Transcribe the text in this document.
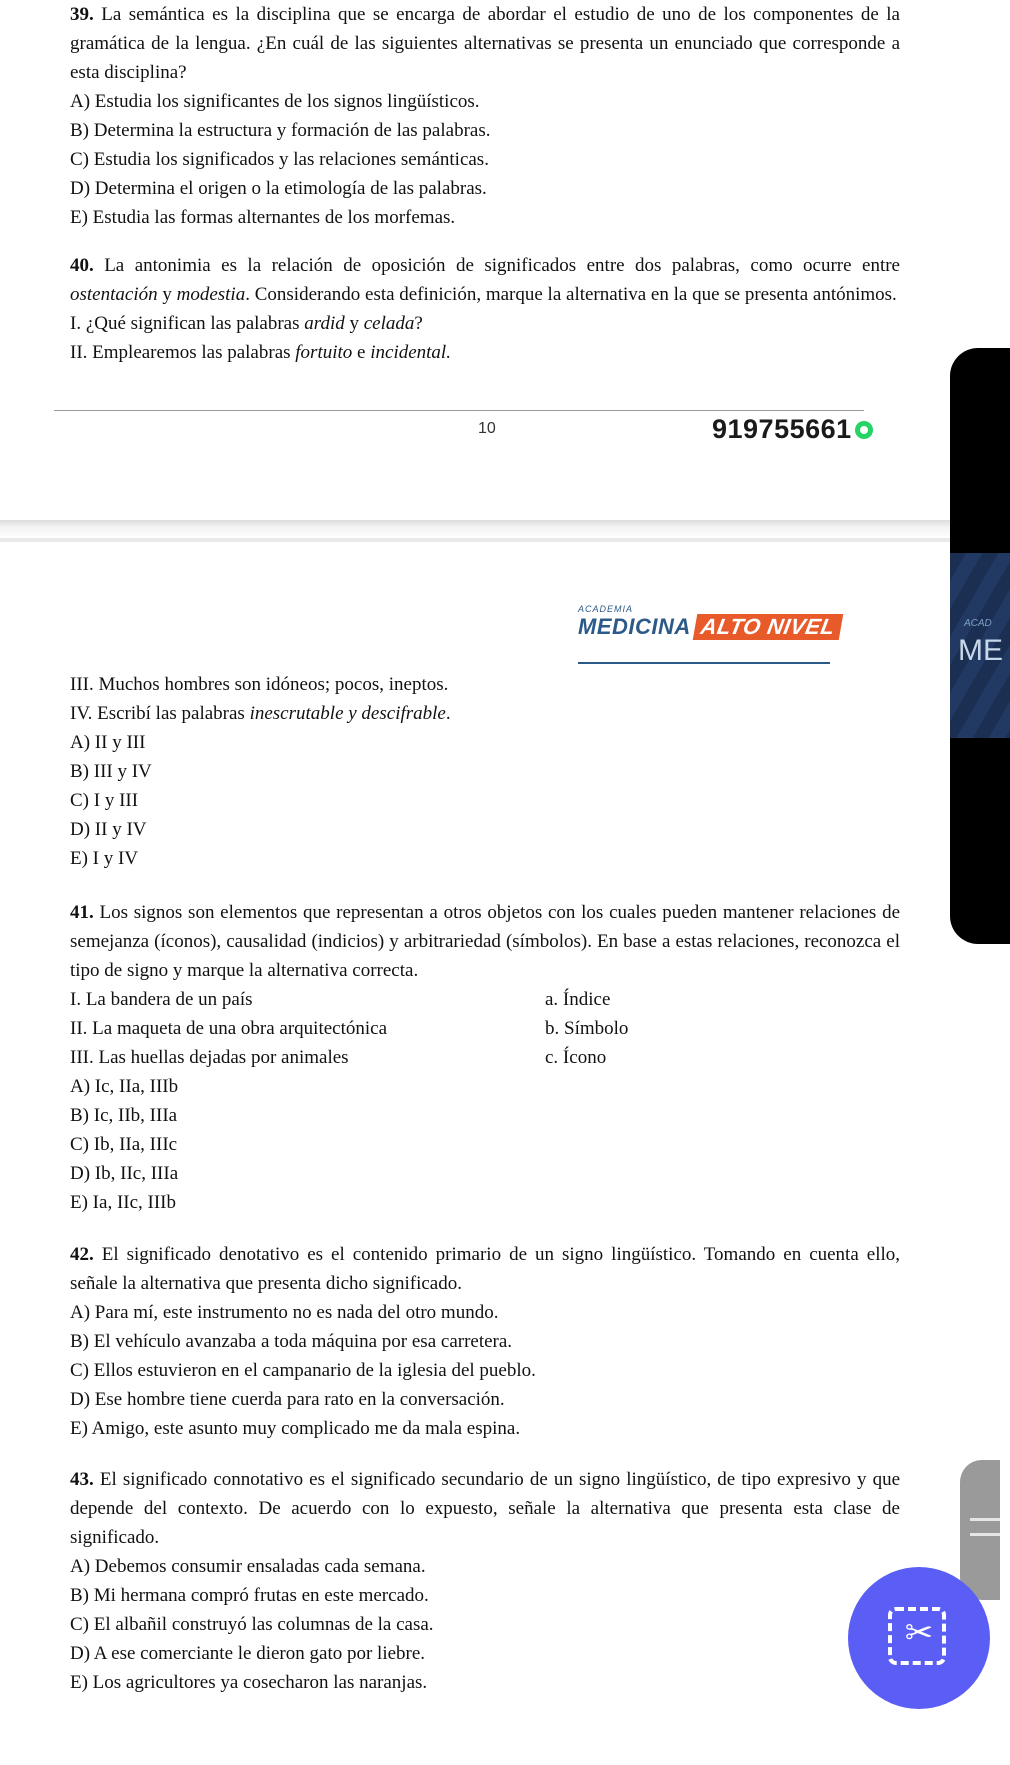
39. La semántica es la disciplina que se encarga de abordar el estudio de uno de los componentes de la gramática de la lengua. ¿En cuál de las siguientes alternativas se presenta un enunciado que corresponde a esta disciplina?

A) Estudia los significantes de los signos lingüísticos.
B) Determina la estructura y formación de las palabras.
C) Estudia los significados y las relaciones semánticas.
D) Determina el origen o la etimología de las palabras.
E) Estudia las formas alternantes de los morfemas.

40. La antonimia es la relación de oposición de significados entre dos palabras, como ocurre entre ostentación y modestia. Considerando esta definición, marque la alternativa en la que se presenta antónimos.

I. ¿Qué significan las palabras ardid y celada?
II. Emplearemos las palabras fortuito e incidental.
10	919755661
ACADEMIA
MEDICINA ALTO NIVEL
III. Muchos hombres son idóneos; pocos, ineptos.
IV. Escribí las palabras inescrutable y descifrable.
A) II y III
B) III y IV
C) I y III
D) II y IV
E) I y IV

41. Los signos son elementos que representan a otros objetos con los cuales pueden mantener relaciones de semejanza (íconos), causalidad (indicios) y arbitrariedad (símbolos). En base a estas relaciones, reconozca el tipo de signo y marque la alternativa correcta.

I. La bandera de un país	a. Índice
II. La maqueta de una obra arquitectónica	b. Símbolo
III. Las huellas dejadas por animales	c. Ícono
A) Ic, IIa, IIIb
B) Ic, IIb, IIIa
C) Ib, IIa, IIIc
D) Ib, IIc, IIIa
E) Ia, IIc, IIIb

42. El significado denotativo es el contenido primario de un signo lingüístico. Tomando en cuenta ello, señale la alternativa que presenta dicho significado.

A) Para mí, este instrumento no es nada del otro mundo.
B) El vehículo avanzaba a toda máquina por esa carretera.
C) Ellos estuvieron en el campanario de la iglesia del pueblo.
D) Ese hombre tiene cuerda para rato en la conversación.
E) Amigo, este asunto muy complicado me da mala espina.

43. El significado connotativo es el significado secundario de un signo lingüístico, de tipo expresivo y que depende del contexto. De acuerdo con lo expuesto, señale la alternativa que presenta esta clase de significado.

A) Debemos consumir ensaladas cada semana.
B) Mi hermana compró frutas en este mercado.
C) El albañil construyó las columnas de la casa.
D) A ese comerciante le dieron gato por liebre.
E) Los agricultores ya cosecharon las naranjas.
ACAD
ME
✂
